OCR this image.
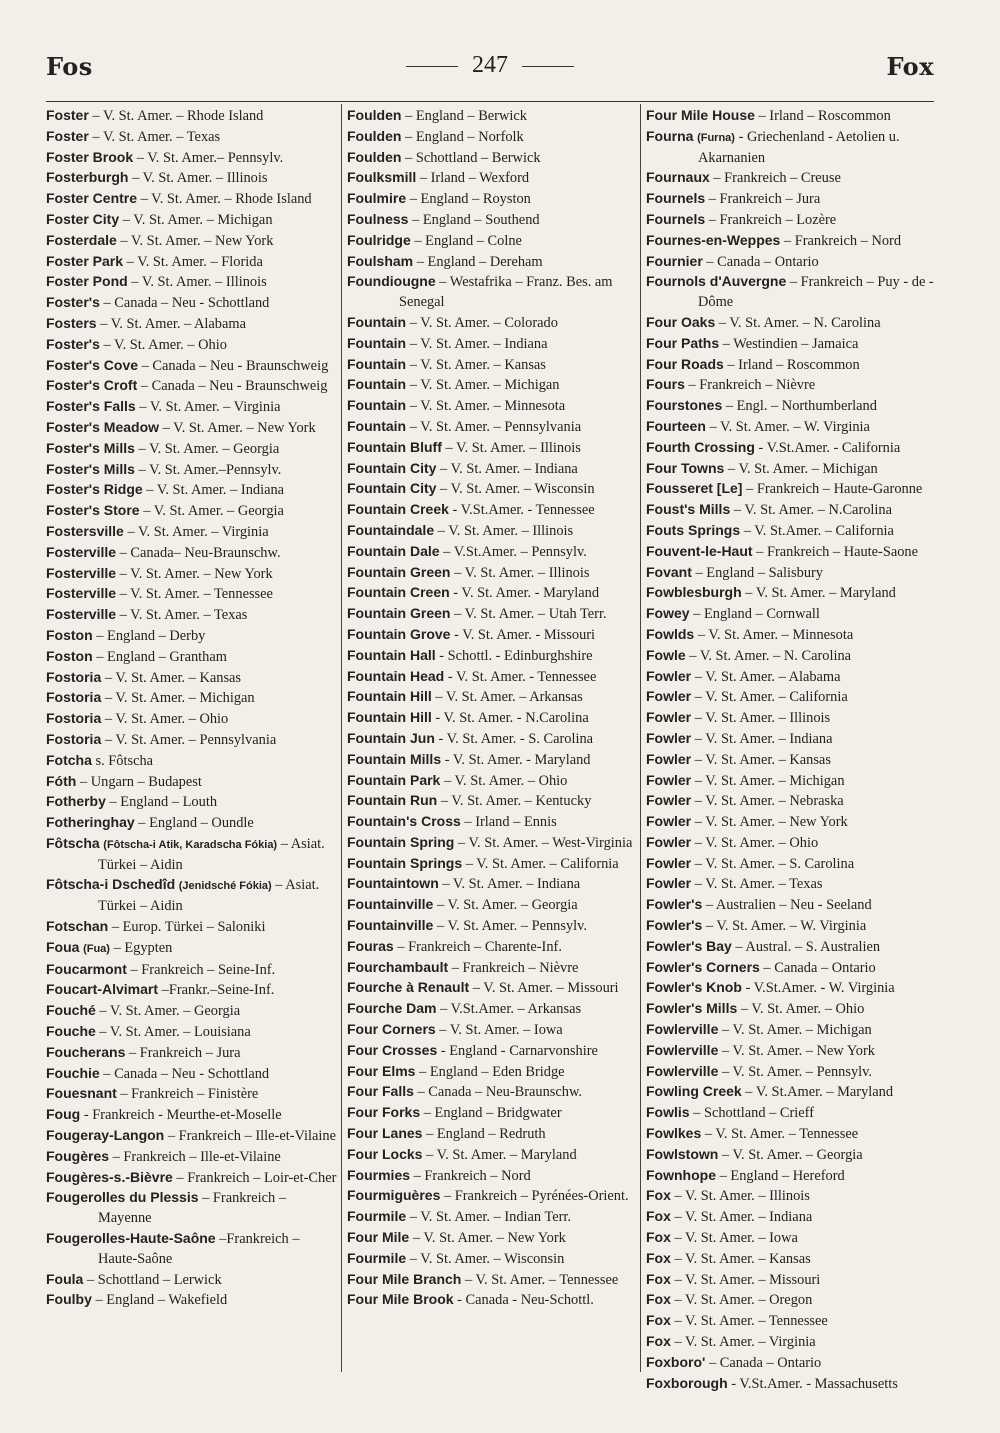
Fos	247	Fox
Foster – V. St. Amer. – Rhode Island
Foster – V. St. Amer. – Texas
Foster Brook – V. St. Amer.– Pennsylv.
Fosterburgh – V. St. Amer. – Illinois
Foster Centre – V. St. Amer. – Rhode Island
Foster City – V. St. Amer. – Michigan
Fosterdale – V. St. Amer. – New York
Foster Park – V. St. Amer. – Florida
Foster Pond – V. St. Amer. – Illinois
Foster's – Canada – Neu - Schottland
Fosters – V. St. Amer. – Alabama
Foster's – V. St. Amer. – Ohio
Foster's Cove – Canada – Neu - Braunschweig
Foster's Croft – Canada – Neu - Braunschweig
Foster's Falls – V. St. Amer. – Virginia
Foster's Meadow – V. St. Amer. – New York
Foster's Mills – V. St. Amer. – Georgia
Foster's Mills – V. St. Amer.–Pennsylv.
Foster's Ridge – V. St. Amer. – Indiana
Foster's Store – V. St. Amer. – Georgia
Fostersville – V. St. Amer. – Virginia
Fosterville – Canada– Neu-Braunschw.
Fosterville – V. St. Amer. – New York
Fosterville – V. St. Amer. – Tennessee
Fosterville – V. St. Amer. – Texas
Foston – England – Derby
Foston – England – Grantham
Fostoria – V. St. Amer. – Kansas
Fostoria – V. St. Amer. – Michigan
Fostoria – V. St. Amer. – Ohio
Fostoria – V. St. Amer. – Pennsylvania
Fotcha s. Fôtscha
Fóth – Ungarn – Budapest
Fotherby – England – Louth
Fotheringhay – England – Oundle
Fôtscha (Fôtscha-i Atik, Karadscha Fókia) – Asiat. Türkei – Aidin
Fôtscha-i Dschedîd (Jenidsché Fókia) – Asiat. Türkei – Aidin
Fotschan – Europ. Türkei – Saloniki
Foua (Fua) – Egypten
Foucarmont – Frankreich – Seine-Inf.
Foucart-Alvimart –Frankr.–Seine-Inf.
Fouché – V. St. Amer. – Georgia
Fouche – V. St. Amer. – Louisiana
Foucherans – Frankreich – Jura
Fouchie – Canada – Neu - Schottland
Fouesnant – Frankreich – Finistère
Foug - Frankreich - Meurthe-et-Moselle
Fougeray-Langon – Frankreich – Ille-et-Vilaine
Fougères – Frankreich – Ille-et-Vilaine
Fougères-s.-Bièvre – Frankreich – Loir-et-Cher
Fougerolles du Plessis – Frankreich – Mayenne
Fougerolles-Haute-Saône –Frankreich – Haute-Saône
Foula – Schottland – Lerwick
Foulby – England – Wakefield
Foulden – England – Berwick
Foulden – England – Norfolk
Foulden – Schottland – Berwick
Foulksmill – Irland – Wexford
Foulmire – England – Royston
Foulness – England – Southend
Foulridge – England – Colne
Foulsham – England – Dereham
Foundiougne – Westafrika – Franz. Bes. am Senegal
Fountain – V. St. Amer. – Colorado
Fountain – V. St. Amer. – Indiana
Fountain – V. St. Amer. – Kansas
Fountain – V. St. Amer. – Michigan
Fountain – V. St. Amer. – Minnesota
Fountain – V. St. Amer. – Pennsylvania
Fountain Bluff – V. St. Amer. – Illinois
Fountain City – V. St. Amer. – Indiana
Fountain City – V. St. Amer. – Wisconsin
Fountain Creek - V.St.Amer. - Tennessee
Fountaindale – V. St. Amer. – Illinois
Fountain Dale – V.St.Amer. – Pennsylv.
Fountain Green – V. St. Amer. – Illinois
Fountain Creen - V. St. Amer. - Maryland
Fountain Green – V. St. Amer. – Utah Terr.
Fountain Grove - V. St. Amer. - Missouri
Fountain Hall - Schottl. - Edinburghshire
Fountain Head - V. St. Amer. - Tennessee
Fountain Hill – V. St. Amer. – Arkansas
Fountain Hill - V. St. Amer. - N.Carolina
Fountain Jun - V. St. Amer. - S. Carolina
Fountain Mills - V. St. Amer. - Maryland
Fountain Park – V. St. Amer. – Ohio
Fountain Run – V. St. Amer. – Kentucky
Fountain's Cross – Irland – Ennis
Fountain Spring – V. St. Amer. – West-Virginia
Fountain Springs – V. St. Amer. – California
Fountaintown – V. St. Amer. – Indiana
Fountainville – V. St. Amer. – Georgia
Fountainville – V. St. Amer. – Pennsylv.
Fouras – Frankreich – Charente-Inf.
Fourchambault – Frankreich – Nièvre
Fourche à Renault – V. St. Amer. – Missouri
Fourche Dam – V.St.Amer. – Arkansas
Four Corners – V. St. Amer. – Iowa
Four Crosses - England - Carnarvonshire
Four Elms – England – Eden Bridge
Four Falls – Canada – Neu-Braunschw.
Four Forks – England – Bridgwater
Four Lanes – England – Redruth
Four Locks – V. St. Amer. – Maryland
Fourmies – Frankreich – Nord
Fourmiguères – Frankreich – Pyrénées-Orient.
Fourmile – V. St. Amer. – Indian Terr.
Four Mile – V. St. Amer. – New York
Fourmile – V. St. Amer. – Wisconsin
Four Mile Branch – V. St. Amer. – Tennessee
Four Mile Brook - Canada - Neu-Schottl.
Four Mile House – Irland – Roscommon
Fourna (Furna) - Griechenland - Aetolien u. Akarnanien
Fournaux – Frankreich – Creuse
Fournels – Frankreich – Jura
Fournels – Frankreich – Lozère
Fournes-en-Weppes – Frankreich – Nord
Fournier – Canada – Ontario
Fournols d'Auvergne – Frankreich – Puy - de - Dôme
Four Oaks – V. St. Amer. – N. Carolina
Four Paths – Westindien – Jamaica
Four Roads – Irland – Roscommon
Fours – Frankreich – Nièvre
Fourstones – Engl. – Northumberland
Fourteen – V. St. Amer. – W. Virginia
Fourth Crossing - V.St.Amer. - California
Four Towns – V. St. Amer. – Michigan
Fousseret [Le] – Frankreich – Haute-Garonne
Foust's Mills – V. St. Amer. – N.Carolina
Fouts Springs – V. St.Amer. – California
Fouvent-le-Haut – Frankreich – Haute-Saone
Fovant – England – Salisbury
Fowblesburgh – V. St. Amer. – Maryland
Fowey – England – Cornwall
Fowlds – V. St. Amer. – Minnesota
Fowle – V. St. Amer. – N. Carolina
Fowler – V. St. Amer. – Alabama
Fowler – V. St. Amer. – California
Fowler – V. St. Amer. – Illinois
Fowler – V. St. Amer. – Indiana
Fowler – V. St. Amer. – Kansas
Fowler – V. St. Amer. – Michigan
Fowler – V. St. Amer. – Nebraska
Fowler – V. St. Amer. – New York
Fowler – V. St. Amer. – Ohio
Fowler – V. St. Amer. – S. Carolina
Fowler – V. St. Amer. – Texas
Fowler's – Australien – Neu - Seeland
Fowler's – V. St. Amer. – W. Virginia
Fowler's Bay – Austral. – S. Australien
Fowler's Corners – Canada – Ontario
Fowler's Knob - V.St.Amer. - W. Virginia
Fowler's Mills – V. St. Amer. – Ohio
Fowlerville – V. St. Amer. – Michigan
Fowlerville – V. St. Amer. – New York
Fowlerville – V. St. Amer. – Pennsylv.
Fowling Creek – V. St.Amer. – Maryland
Fowlis – Schottland – Crieff
Fowlkes – V. St. Amer. – Tennessee
Fowlstown – V. St. Amer. – Georgia
Fownhope – England – Hereford
Fox – V. St. Amer. – Illinois
Fox – V. St. Amer. – Indiana
Fox – V. St. Amer. – Iowa
Fox – V. St. Amer. – Kansas
Fox – V. St. Amer. – Missouri
Fox – V. St. Amer. – Oregon
Fox – V. St. Amer. – Tennessee
Fox – V. St. Amer. – Virginia
Foxboro' – Canada – Ontario
Foxborough - V.St.Amer. - Massachusetts
